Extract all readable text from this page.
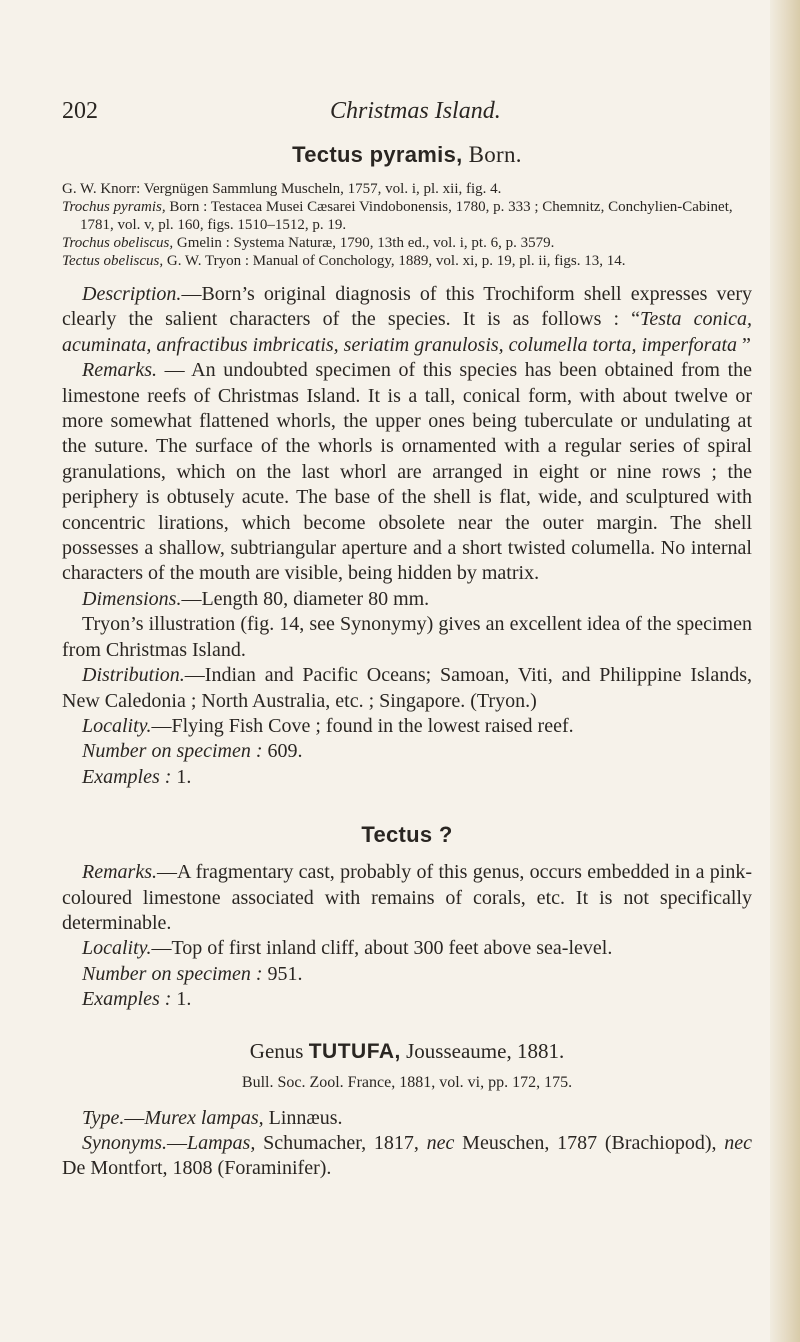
202	Christmas Island.
Tectus pyramis, Born.

G. W. Knorr: Vergnügen Sammlung Muscheln, 1757, vol. i, pl. xii, fig. 4.

Trochus pyramis, Born : Testacea Musei Cæsarei Vindobonensis, 1780, p. 333 ; Chemnitz, Conchylien-Cabinet, 1781, vol. v, pl. 160, figs. 1510–1512, p. 19.

Trochus obeliscus, Gmelin : Systema Naturæ, 1790, 13th ed., vol. i, pt. 6, p. 3579.

Tectus obeliscus, G. W. Tryon : Manual of Conchology, 1889, vol. xi, p. 19, pl. ii, figs. 13, 14.

Description.—Born’s original diagnosis of this Trochiform shell expresses very clearly the salient characters of the species. It is as follows : “Testa conica, acuminata, anfractibus imbricatis, seriatim granulosis, columella torta, imperforata ”

Remarks. — An undoubted specimen of this species has been obtained from the limestone reefs of Christmas Island. It is a tall, conical form, with about twelve or more somewhat flattened whorls, the upper ones being tuberculate or undulating at the suture. The surface of the whorls is ornamented with a regular series of spiral granulations, which on the last whorl are arranged in eight or nine rows ; the periphery is obtusely acute. The base of the shell is flat, wide, and sculptured with concentric lirations, which become obsolete near the outer margin. The shell possesses a shallow, subtriangular aperture and a short twisted columella. No internal characters of the mouth are visible, being hidden by matrix.

Dimensions.—Length 80, diameter 80 mm.

Tryon’s illustration (fig. 14, see Synonymy) gives an excellent idea of the specimen from Christmas Island.

Distribution.—Indian and Pacific Oceans; Samoan, Viti, and Philippine Islands, New Caledonia ; North Australia, etc. ; Singapore. (Tryon.)

Locality.—Flying Fish Cove ; found in the lowest raised reef.

Number on specimen : 609.

Examples : 1.

Tectus ?

Remarks.—A fragmentary cast, probably of this genus, occurs embedded in a pink-coloured limestone associated with remains of corals, etc. It is not specifically determinable.

Locality.—Top of first inland cliff, about 300 feet above sea-level.

Number on specimen : 951.

Examples : 1.

Genus TUTUFA, Jousseaume, 1881.
Bull. Soc. Zool. France, 1881, vol. vi, pp. 172, 175.

Type.—Murex lampas, Linnæus.

Synonyms.—Lampas, Schumacher, 1817, nec Meuschen, 1787 (Brachiopod), nec De Montfort, 1808 (Foraminifer).
